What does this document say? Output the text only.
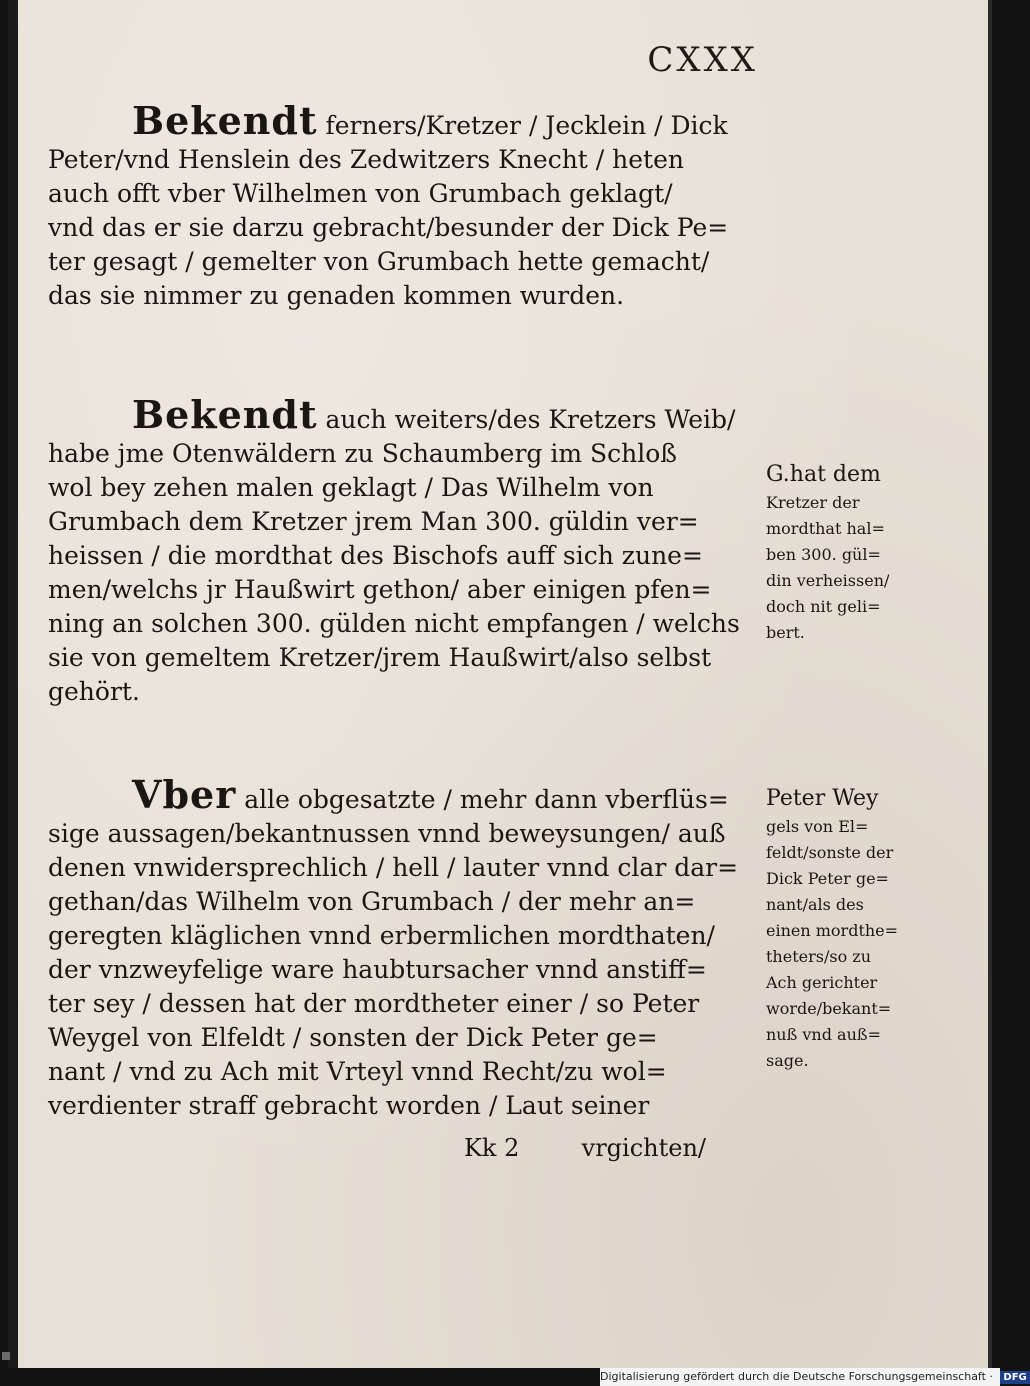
CXXX
Bekendt ferners/Kretzer / Jecklein / Dick
Peter/vnd Henslein des Zedwitzers Knecht / heten
auch offt vber Wilhelmen von Grumbach geklagt/
vnd das er sie darzu gebracht/besunder der Dick Pe=
ter gesagt / gemelter von Grumbach hette gemacht/
das sie nimmer zu genaden kommen wurden.
Bekendt auch weiters/des Kretzers Weib/
habe jme Otenwäldern zu Schaumberg im Schloß
wol bey zehen malen geklagt / Das Wilhelm von
Grumbach dem Kretzer jrem Man 300. güldin ver=
heissen / die mordthat des Bischofs auff sich zune=
men/welchs jr Haußwirt gethon/ aber einigen pfen=
ning an solchen 300. gülden nicht empfangen / welchs
sie von gemeltem Kretzer/jrem Haußwirt/also selbst
gehört.
Vber alle obgesatzte / mehr dann vberflüs=
sige aussagen/bekantnussen vnnd beweysungen/ auß
denen vnwidersprechlich / hell / lauter vnnd clar dar=
gethan/das Wilhelm von Grumbach / der mehr an=
geregten kläglichen vnnd erbermlichen mordthaten/
der vnzweyfelige ware haubtursacher vnnd anstiff=
ter sey / dessen hat der mordtheter einer / so Peter
Weygel von Elfeldt / sonsten der Dick Peter ge=
nant / vnd zu Ach mit Vrteyl vnnd Recht/zu wol=
verdienter straff gebracht worden / Laut seiner
G.hat dem
Kretzer der
mordthat hal=
ben 300. gül=
din verheissen/
doch nit geli=
bert.
Peter Wey
gels von El=
feldt/sonste der
Dick Peter ge=
nant/als des
einen mordthe=
theters/so zu
Ach gerichter
worde/bekant=
nuß vnd auß=
sage.
Kk 2	vrgichten/
Digitalisierung gefördert durch die Deutsche Forschungsgemeinschaft · DFG
